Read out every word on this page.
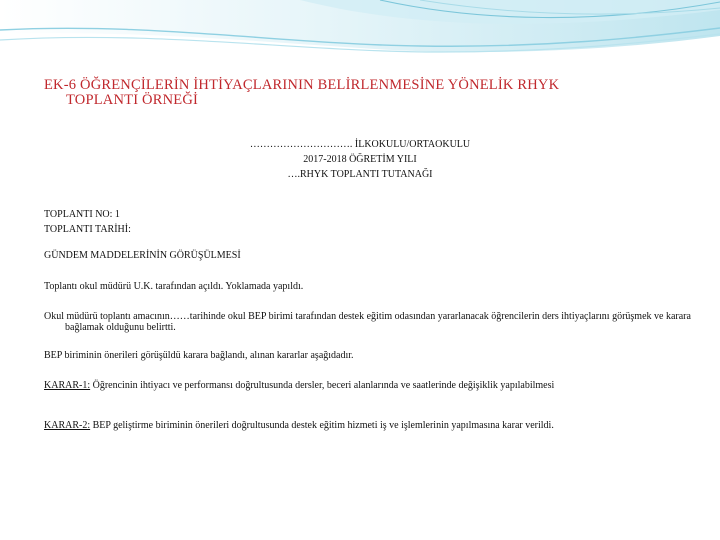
EK-6 ÖĞRENÇİLERİN İHTİYAÇLARININ BELİRLENMESİNE YÖNELİK RHYK
TOPLANTI ÖRNEĞİ
…………………………. İLKOKULU/ORTAOKULU
2017-2018 ÖĞRETİM YILI
….RHYK TOPLANTI TUTANAĞI
TOPLANTI NO: 1
TOPLANTI TARİHİ:
GÜNDEM MADDELERİNİN GÖRÜŞÜLMESİ
Toplantı okul müdürü U.K. tarafından açıldı. Yoklamada yapıldı.
Okul müdürü toplantı amacının……tarihinde okul BEP birimi tarafından destek eğitim odasından yararlanacak öğrencilerin ders ihtiyaçlarını görüşmek ve karara bağlamak olduğunu belirtti.
BEP biriminin önerileri görüşüldü karara bağlandı, alınan kararlar aşağıdadır.
KARAR-1: Öğrencinin ihtiyacı ve performansı doğrultusunda dersler, beceri alanlarında ve saatlerinde değişiklik yapılabilmesi
KARAR-2: BEP geliştirme biriminin önerileri doğrultusunda destek eğitim hizmeti iş ve işlemlerinin yapılmasına karar verildi.
